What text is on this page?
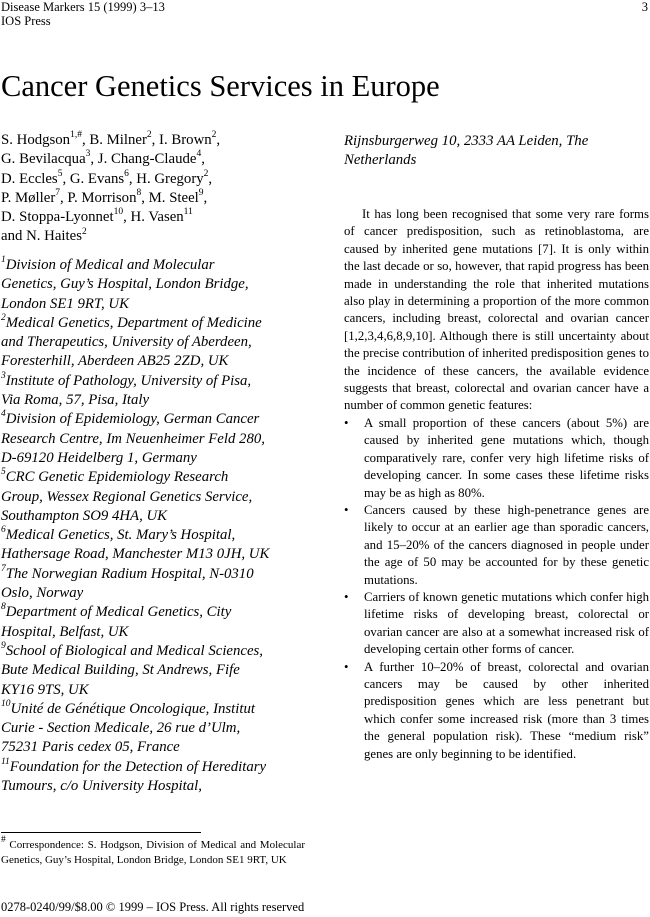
Disease Markers 15 (1999) 3–13
IOS Press
3
Cancer Genetics Services in Europe
S. Hodgson$^{1,\#}$, B. Milner$^2$, I. Brown$^2$,
G. Bevilacqua$^3$, J. Chang-Claude$^4$,
D. Eccles$^5$, G. Evans$^6$, H. Gregory$^2$,
P. Møller$^7$, P. Morrison$^8$, M. Steel$^9$,
D. Stoppa-Lyonnet$^{10}$, H. Vasen$^{11}$
and N. Haites$^2$
$^1$Division of Medical and Molecular
Genetics, Guy’s Hospital, London Bridge,
London SE1 9RT, UK
$^2$Medical Genetics, Department of Medicine
and Therapeutics, University of Aberdeen,
Foresterhill, Aberdeen AB25 2ZD, UK
$^3$Institute of Pathology, University of Pisa,
Via Roma, 57, Pisa, Italy
$^4$Division of Epidemiology, German Cancer
Research Centre, Im Neuenheimer Feld 280,
D-69120 Heidelberg 1, Germany
$^5$CRC Genetic Epidemiology Research
Group, Wessex Regional Genetics Service,
Southampton SO9 4HA, UK
$^6$Medical Genetics, St. Mary’s Hospital,
Hathersage Road, Manchester M13 0JH, UK
$^7$The Norwegian Radium Hospital, N-0310
Oslo, Norway
$^8$Department of Medical Genetics, City
Hospital, Belfast, UK
$^9$School of Biological and Medical Sciences,
Bute Medical Building, St Andrews, Fife
KY16 9TS, UK
$^{10}$Unité de Génétique Oncologique, Institut
Curie - Section Medicale, 26 rue d’Ulm,
75231 Paris cedex 05, France
$^{11}$Foundation for the Detection of Hereditary
Tumours, c/o University Hospital,
Rijnsburgerweg 10, 2333 AA Leiden, The
Netherlands

It has long been recognised that some very rare forms of cancer predisposition, such as retinoblastoma, are caused by inherited gene mutations [7]. It is only within the last decade or so, however, that rapid progress has been made in understanding the role that inherited mutations also play in determining a proportion of the more common cancers, including breast, colorectal and ovarian cancer [1,2,3,4,6,8,9,10]. Although there is still uncertainty about the precise contribution of inherited predisposition genes to the incidence of these cancers, the available evidence suggests that breast, colorectal and ovarian cancer have a number of common genetic features:

• A small proportion of these cancers (about 5%) are caused by inherited gene mutations which, though comparatively rare, confer very high lifetime risks of developing cancer. In some cases these lifetime risks may be as high as 80%.
• Cancers caused by these high-penetrance genes are likely to occur at an earlier age than sporadic cancers, and 15–20% of the cancers diagnosed in people under the age of 50 may be accounted for by these genetic mutations.
• Carriers of known genetic mutations which confer high lifetime risks of developing breast, colorectal or ovarian cancer are also at a somewhat increased risk of developing certain other forms of cancer.
• A further 10–20% of breast, colorectal and ovarian cancers may be caused by other inherited predisposition genes which are less penetrant but which confer some increased risk (more than 3 times the general population risk). These “medium risk” genes are only beginning to be identified.
# Correspondence: S. Hodgson, Division of Medical and Molecular Genetics, Guy’s Hospital, London Bridge, London SE1 9RT, UK
0278-0240/99/$8.00 © 1999 – IOS Press. All rights reserved
